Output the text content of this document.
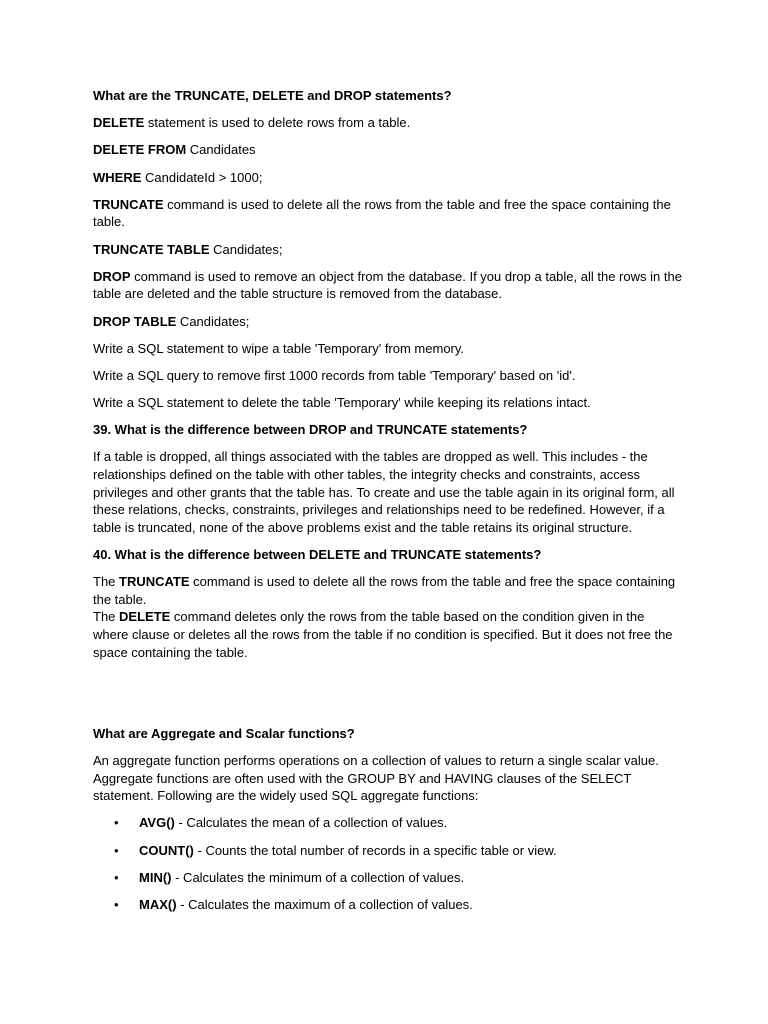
What are the TRUNCATE, DELETE and DROP statements?

DELETE statement is used to delete rows from a table.

DELETE FROM Candidates

WHERE CandidateId > 1000;

TRUNCATE command is used to delete all the rows from the table and free the space containing the table.

TRUNCATE TABLE Candidates;

DROP command is used to remove an object from the database. If you drop a table, all the rows in the table are deleted and the table structure is removed from the database.

DROP TABLE Candidates;

Write a SQL statement to wipe a table 'Temporary' from memory.

Write a SQL query to remove first 1000 records from table 'Temporary' based on 'id'.

Write a SQL statement to delete the table 'Temporary' while keeping its relations intact.

39. What is the difference between DROP and TRUNCATE statements?

If a table is dropped, all things associated with the tables are dropped as well. This includes - the relationships defined on the table with other tables, the integrity checks and constraints, access privileges and other grants that the table has. To create and use the table again in its original form, all these relations, checks, constraints, privileges and relationships need to be redefined. However, if a table is truncated, none of the above problems exist and the table retains its original structure.

40. What is the difference between DELETE and TRUNCATE statements?

The TRUNCATE command is used to delete all the rows from the table and free the space containing the table.
The DELETE command deletes only the rows from the table based on the condition given in the where clause or deletes all the rows from the table if no condition is specified. But it does not free the space containing the table.

What are Aggregate and Scalar functions?

An aggregate function performs operations on a collection of values to return a single scalar value. Aggregate functions are often used with the GROUP BY and HAVING clauses of the SELECT statement. Following are the widely used SQL aggregate functions:

• AVG() - Calculates the mean of a collection of values.
• COUNT() - Counts the total number of records in a specific table or view.
• MIN() - Calculates the minimum of a collection of values.
• MAX() - Calculates the maximum of a collection of values.
